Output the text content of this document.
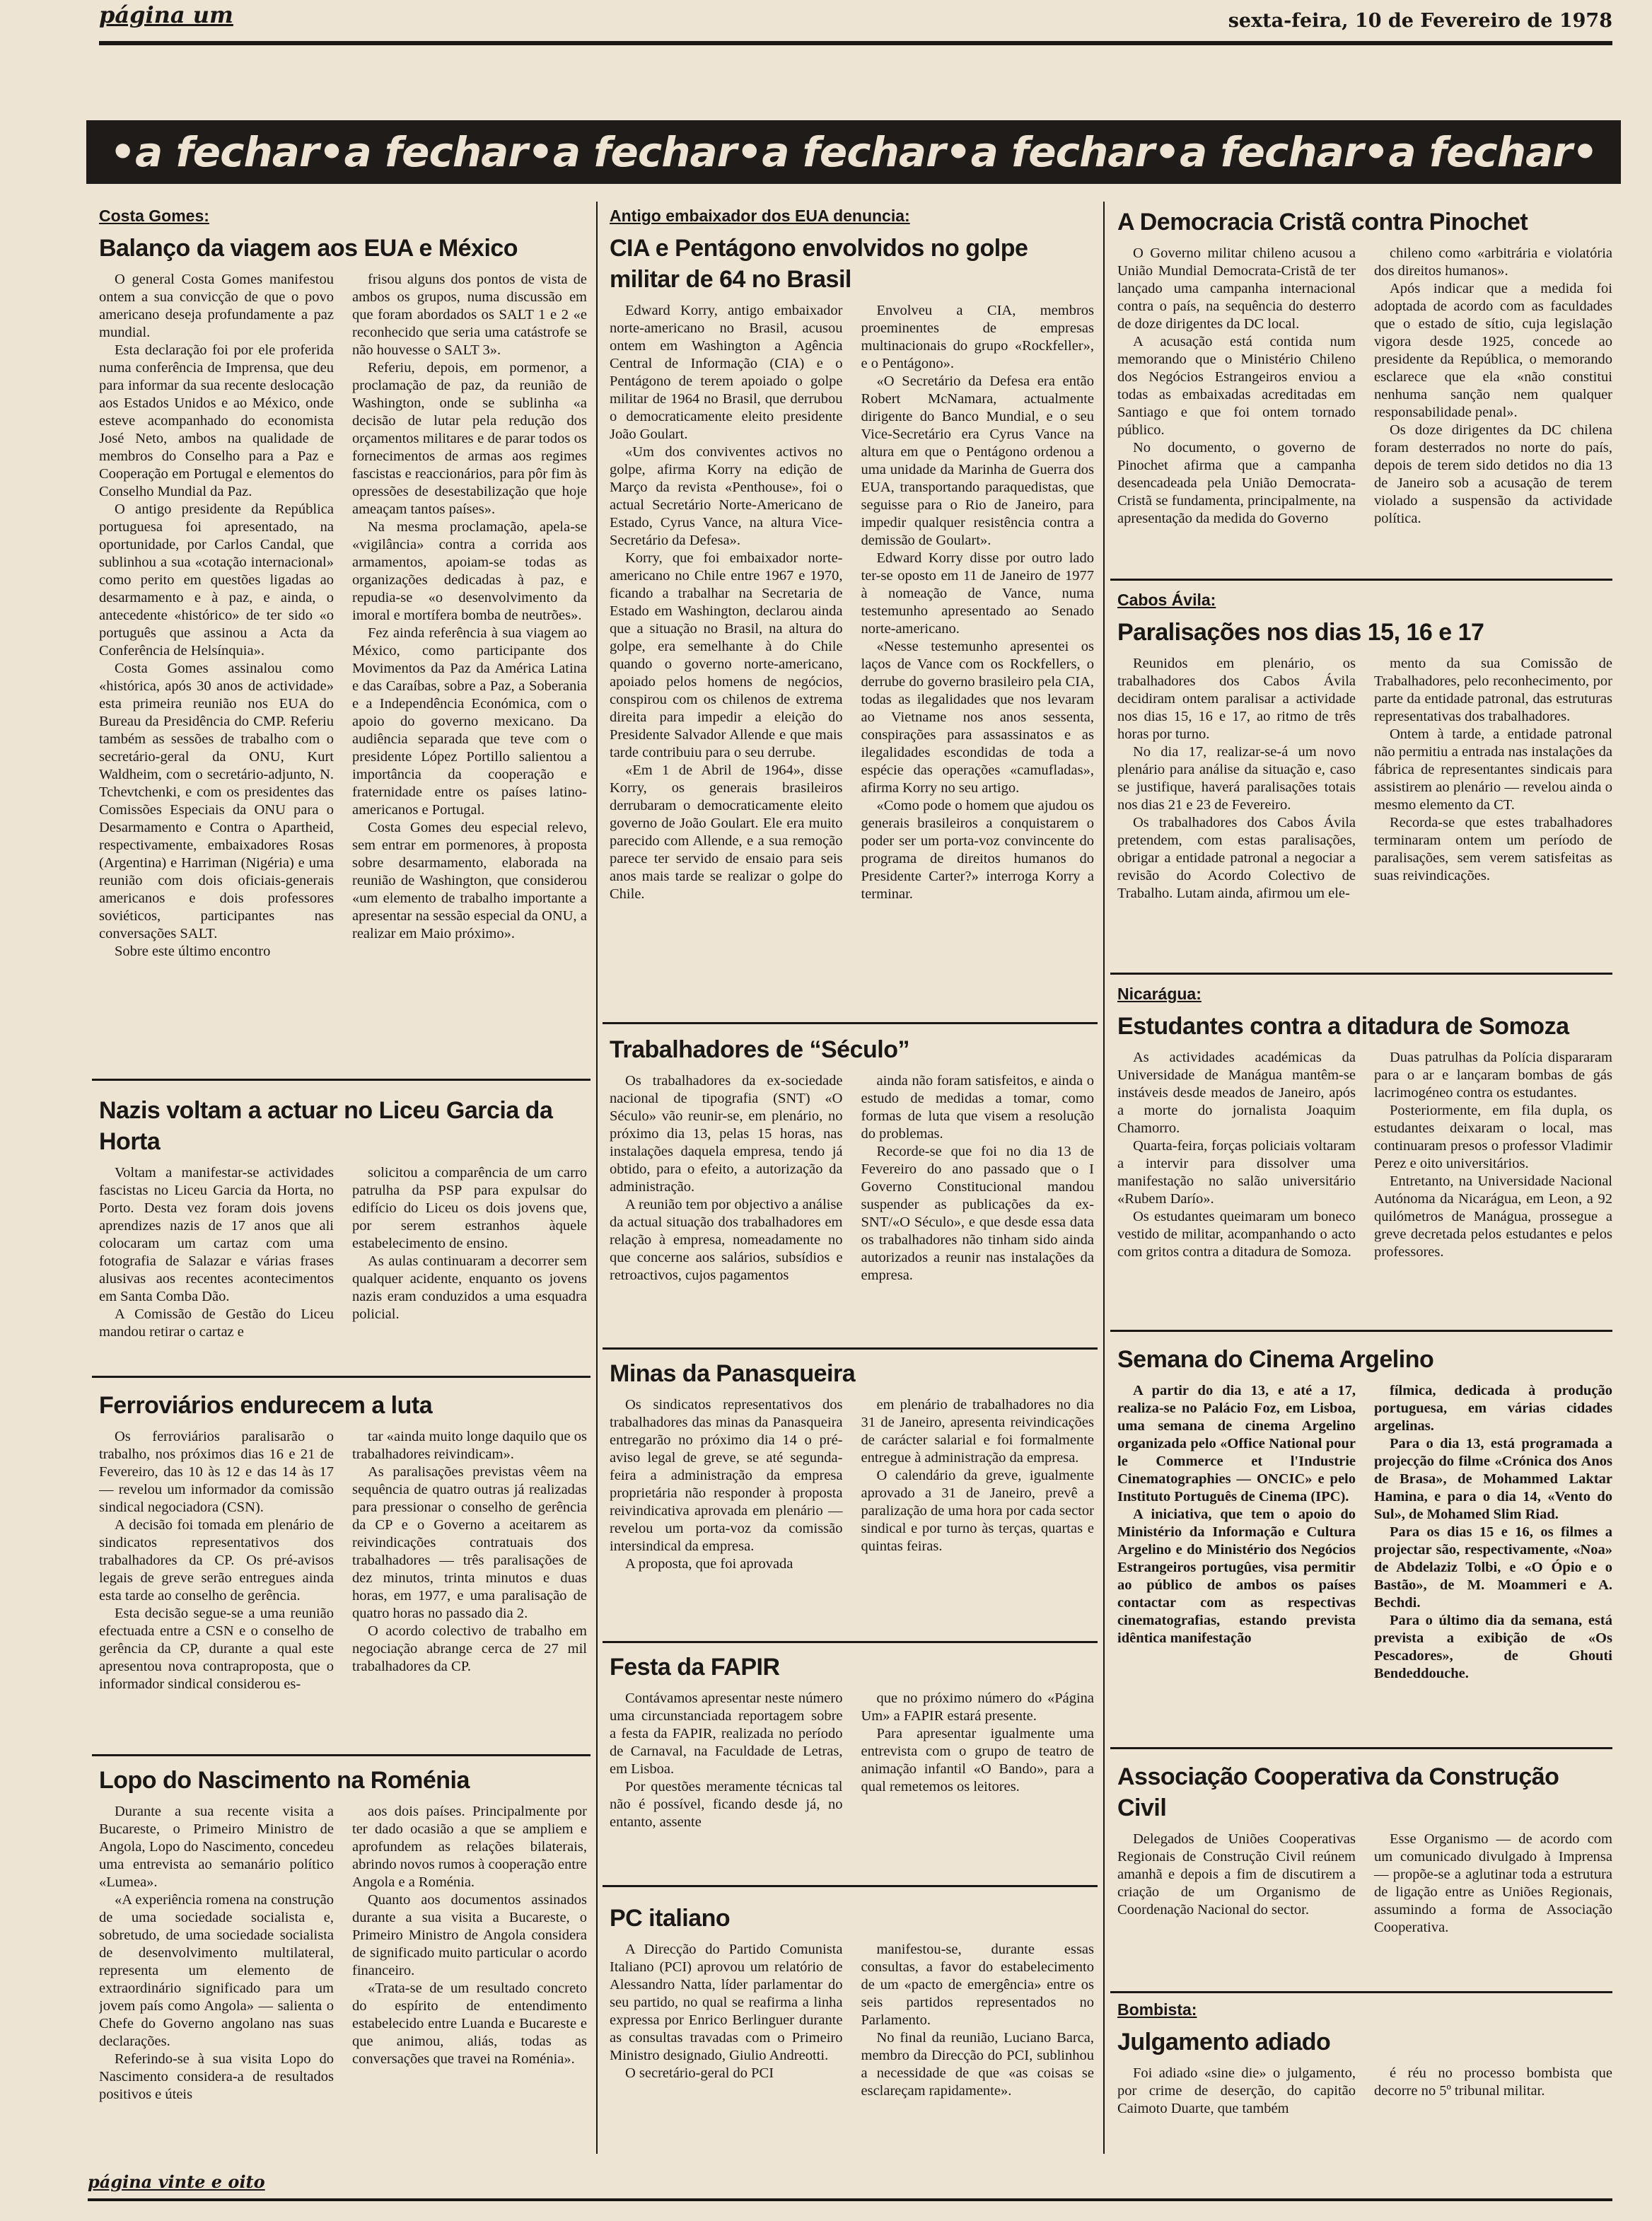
página um	sexta-feira, 10 de Fevereiro de 1978
•a fechar•a fechar•a fechar•a fechar•a fechar•a fechar•a fechar•
Costa Gomes:
Balanço da viagem aos EUA e México

O general Costa Gomes manifestou ontem a sua convicção de que o povo americano deseja profundamente a paz mundial.

Esta declaração foi por ele proferida numa conferência de Imprensa, que deu para informar da sua recente deslocação aos Estados Unidos e ao México, onde esteve acompanhado do economista José Neto, ambos na qualidade de membros do Conselho para a Paz e Cooperação em Portugal e elementos do Conselho Mundial da Paz.

O antigo presidente da República portuguesa foi apresentado, na oportunidade, por Carlos Candal, que sublinhou a sua «cotação internacional» como perito em questões ligadas ao desarmamento e à paz, e ainda, o antecedente «histórico» de ter sido «o português que assinou a Acta da Conferência de Helsínquia».

Costa Gomes assinalou como «histórica, após 30 anos de actividade» esta primeira reunião nos EUA do Bureau da Presidência do CMP. Referiu também as sessões de trabalho com o secretário-geral da ONU, Kurt Waldheim, com o secretário-adjunto, N. Tchevtchenki, e com os presidentes das Comissões Especiais da ONU para o Desarmamento e Contra o Apartheid, respectivamente, embaixadores Rosas (Argentina) e Harriman (Nigéria) e uma reunião com dois oficiais-generais americanos e dois professores soviéticos, participantes nas conversações SALT.

Sobre este último encontro

frisou alguns dos pontos de vista de ambos os grupos, numa discussão em que foram abordados os SALT 1 e 2 «e reconhecido que seria uma catástrofe se não houvesse o SALT 3».

Referiu, depois, em pormenor, a proclamação de paz, da reunião de Washington, onde se sublinha «a decisão de lutar pela redução dos orçamentos militares e de parar todos os fornecimentos de armas aos regimes fascistas e reaccionários, para pôr fim às opressões de desestabilização que hoje ameaçam tantos países».

Na mesma proclamação, apela-se «vigilância» contra a corrida aos armamentos, apoiam-se todas as organizações dedicadas à paz, e repudia-se «o desenvolvimento da imoral e mortífera bomba de neutrões».

Fez ainda referência à sua viagem ao México, como participante dos Movimentos da Paz da América Latina e das Caraíbas, sobre a Paz, a Soberania e a Independência Económica, com o apoio do governo mexicano. Da audiência separada que teve com o presidente López Portillo salientou a importância da cooperação e fraternidade entre os países latino-americanos e Portugal.

Costa Gomes deu especial relevo, sem entrar em pormenores, à proposta sobre desarmamento, elaborada na reunião de Washington, que considerou «um elemento de trabalho importante a apresentar na sessão especial da ONU, a realizar em Maio próximo».

Nazis voltam a actuar no Liceu Garcia da Horta

Voltam a manifestar-se actividades fascistas no Liceu Garcia da Horta, no Porto. Desta vez foram dois jovens aprendizes nazis de 17 anos que ali colocaram um cartaz com uma fotografia de Salazar e várias frases alusivas aos recentes acontecimentos em Santa Comba Dão.

A Comissão de Gestão do Liceu mandou retirar o cartaz e

solicitou a comparência de um carro patrulha da PSP para expulsar do edifício do Liceu os dois jovens que, por serem estranhos àquele estabelecimento de ensino.

As aulas continuaram a decorrer sem qualquer acidente, enquanto os jovens nazis eram conduzidos a uma esquadra policial.

Ferroviários endurecem a luta

Os ferroviários paralisarão o trabalho, nos próximos dias 16 e 21 de Fevereiro, das 10 às 12 e das 14 às 17 — revelou um informador da comissão sindical negociadora (CSN).

A decisão foi tomada em plenário de sindicatos representativos dos trabalhadores da CP. Os pré-avisos legais de greve serão entregues ainda esta tarde ao conselho de gerência.

Esta decisão segue-se a uma reunião efectuada entre a CSN e o conselho de gerência da CP, durante a qual este apresentou nova contraproposta, que o informador sindical considerou es-

tar «ainda muito longe daquilo que os trabalhadores reivindicam».

As paralisações previstas vêem na sequência de quatro outras já realizadas para pressionar o conselho de gerência da CP e o Governo a aceitarem as reivindicações contratuais dos trabalhadores — três paralisações de dez minutos, trinta minutos e duas horas, em 1977, e uma paralisação de quatro horas no passado dia 2.

O acordo colectivo de trabalho em negociação abrange cerca de 27 mil trabalhadores da CP.

Lopo do Nascimento na Roménia

Durante a sua recente visita a Bucareste, o Primeiro Ministro de Angola, Lopo do Nascimento, concedeu uma entrevista ao semanário político «Lumea».

«A experiência romena na construção de uma sociedade socialista e, sobretudo, de uma sociedade socialista de desenvolvimento multilateral, representa um elemento de extraordinário significado para um jovem país como Angola» — salienta o Chefe do Governo angolano nas suas declarações.

Referindo-se à sua visita Lopo do Nascimento considera-a de resultados positivos e úteis

aos dois países. Principalmente por ter dado ocasião a que se ampliem e aprofundem as relações bilaterais, abrindo novos rumos à cooperação entre Angola e a Roménia.

Quanto aos documentos assinados durante a sua visita a Bucareste, o Primeiro Ministro de Angola considera de significado muito particular o acordo financeiro.

«Trata-se de um resultado concreto do espírito de entendimento estabelecido entre Luanda e Bucareste e que animou, aliás, todas as conversações que travei na Roménia».

Antigo embaixador dos EUA denuncia:
CIA e Pentágono envolvidos no golpe militar de 64 no Brasil

Edward Korry, antigo embaixador norte-americano no Brasil, acusou ontem em Washington a Agência Central de Informação (CIA) e o Pentágono de terem apoiado o golpe militar de 1964 no Brasil, que derrubou o democraticamente eleito presidente João Goulart.

«Um dos conviventes activos no golpe, afirma Korry na edição de Março da revista «Penthouse», foi o actual Secretário Norte-Americano de Estado, Cyrus Vance, na altura Vice-Secretário da Defesa».

Korry, que foi embaixador norte-americano no Chile entre 1967 e 1970, ficando a trabalhar na Secretaria de Estado em Washington, declarou ainda que a situação no Brasil, na altura do golpe, era semelhante à do Chile quando o governo norte-americano, apoiado pelos homens de negócios, conspirou com os chilenos de extrema direita para impedir a eleição do Presidente Salvador Allende e que mais tarde contribuiu para o seu derrube.

«Em 1 de Abril de 1964», disse Korry, os generais brasileiros derrubaram o democraticamente eleito governo de João Goulart. Ele era muito parecido com Allende, e a sua remoção parece ter servido de ensaio para seis anos mais tarde se realizar o golpe do Chile.

Envolveu a CIA, membros proeminentes de empresas multinacionais do grupo «Rockfeller», e o Pentágono».

«O Secretário da Defesa era então Robert McNamara, actualmente dirigente do Banco Mundial, e o seu Vice-Secretário era Cyrus Vance na altura em que o Pentágono ordenou a uma unidade da Marinha de Guerra dos EUA, transportando paraquedistas, que seguisse para o Rio de Janeiro, para impedir qualquer resistência contra a demissão de Goulart».

Edward Korry disse por outro lado ter-se oposto em 11 de Janeiro de 1977 à nomeação de Vance, numa testemunho apresentado ao Senado norte-americano.

«Nesse testemunho apresentei os laços de Vance com os Rockfellers, o derrube do governo brasileiro pela CIA, todas as ilegalidades que nos levaram ao Vietname nos anos sessenta, conspirações para assassinatos e as ilegalidades escondidas de toda a espécie das operações «camufladas», afirma Korry no seu artigo.

«Como pode o homem que ajudou os generais brasileiros a conquistarem o poder ser um porta-voz convincente do programa de direitos humanos do Presidente Carter?» interroga Korry a terminar.

Trabalhadores de “Século”

Os trabalhadores da ex-sociedade nacional de tipografia (SNT) «O Século» vão reunir-se, em plenário, no próximo dia 13, pelas 15 horas, nas instalações daquela empresa, tendo já obtido, para o efeito, a autorização da administração.

A reunião tem por objectivo a análise da actual situação dos trabalhadores em relação à empresa, nomeadamente no que concerne aos salários, subsídios e retroactivos, cujos pagamentos

ainda não foram satisfeitos, e ainda o estudo de medidas a tomar, como formas de luta que visem a resolução do problemas.

Recorde-se que foi no dia 13 de Fevereiro do ano passado que o I Governo Constitucional mandou suspender as publicações da ex-SNT/«O Século», e que desde essa data os trabalhadores não tinham sido ainda autorizados a reunir nas instalações da empresa.

Minas da Panasqueira

Os sindicatos representativos dos trabalhadores das minas da Panasqueira entregarão no próximo dia 14 o pré-aviso legal de greve, se até segunda-feira a administração da empresa proprietária não responder à proposta reivindicativa aprovada em plenário — revelou um porta-voz da comissão intersindical da empresa.

A proposta, que foi aprovada

em plenário de trabalhadores no dia 31 de Janeiro, apresenta reivindicações de carácter salarial e foi formalmente entregue à administração da empresa.

O calendário da greve, igualmente aprovado a 31 de Janeiro, prevê a paralização de uma hora por cada sector sindical e por turno às terças, quartas e quintas feiras.

Festa da FAPIR

Contávamos apresentar neste número uma circunstanciada reportagem sobre a festa da FAPIR, realizada no período de Carnaval, na Faculdade de Letras, em Lisboa.

Por questões meramente técnicas tal não é possível, ficando desde já, no entanto, assente

que no próximo número do «Página Um» a FAPIR estará presente.

Para apresentar igualmente uma entrevista com o grupo de teatro de animação infantil «O Bando», para a qual remetemos os leitores.

PC italiano

A Direcção do Partido Comunista Italiano (PCI) aprovou um relatório de Alessandro Natta, líder parlamentar do seu partido, no qual se reafirma a linha expressa por Enrico Berlinguer durante as consultas travadas com o Primeiro Ministro designado, Giulio Andreotti.

O secretário-geral do PCI

manifestou-se, durante essas consultas, a favor do estabelecimento de um «pacto de emergência» entre os seis partidos representados no Parlamento.

No final da reunião, Luciano Barca, membro da Direcção do PCI, sublinhou a necessidade de que «as coisas se esclareçam rapidamente».

A Democracia Cristã contra Pinochet

O Governo militar chileno acusou a União Mundial Democrata-Cristã de ter lançado uma campanha internacional contra o país, na sequência do desterro de doze dirigentes da DC local.

A acusação está contida num memorando que o Ministério Chileno dos Negócios Estrangeiros enviou a todas as embaixadas acreditadas em Santiago e que foi ontem tornado público.

No documento, o governo de Pinochet afirma que a campanha desencadeada pela União Democrata-Cristã se fundamenta, principalmente, na apresentação da medida do Governo

chileno como «arbitrária e violatória dos direitos humanos».

Após indicar que a medida foi adoptada de acordo com as faculdades que o estado de sítio, cuja legislação vigora desde 1925, concede ao presidente da República, o memorando esclarece que ela «não constitui nenhuma sanção nem qualquer responsabilidade penal».

Os doze dirigentes da DC chilena foram desterrados no norte do país, depois de terem sido detidos no dia 13 de Janeiro sob a acusação de terem violado a suspensão da actividade política.

Cabos Ávila:
Paralisações nos dias 15, 16 e 17

Reunidos em plenário, os trabalhadores dos Cabos Ávila decidiram ontem paralisar a actividade nos dias 15, 16 e 17, ao ritmo de três horas por turno.

No dia 17, realizar-se-á um novo plenário para análise da situação e, caso se justifique, haverá paralisações totais nos dias 21 e 23 de Fevereiro.

Os trabalhadores dos Cabos Ávila pretendem, com estas paralisações, obrigar a entidade patronal a negociar a revisão do Acordo Colectivo de Trabalho. Lutam ainda, afirmou um ele-

mento da sua Comissão de Trabalhadores, pelo reconhecimento, por parte da entidade patronal, das estruturas representativas dos trabalhadores.

Ontem à tarde, a entidade patronal não permitiu a entrada nas instalações da fábrica de representantes sindicais para assistirem ao plenário — revelou ainda o mesmo elemento da CT.

Recorda-se que estes trabalhadores terminaram ontem um período de paralisações, sem verem satisfeitas as suas reivindicações.

Nicarágua:
Estudantes contra a ditadura de Somoza

As actividades académicas da Universidade de Manágua mantêm-se instáveis desde meados de Janeiro, após a morte do jornalista Joaquim Chamorro.

Quarta-feira, forças policiais voltaram a intervir para dissolver uma manifestação no salão universitário «Rubem Darío».

Os estudantes queimaram um boneco vestido de militar, acompanhando o acto com gritos contra a ditadura de Somoza.

Duas patrulhas da Polícia dispararam para o ar e lançaram bombas de gás lacrimogéneo contra os estudantes.

Posteriormente, em fila dupla, os estudantes deixaram o local, mas continuaram presos o professor Vladimir Perez e oito universitários.

Entretanto, na Universidade Nacional Autónoma da Nicarágua, em Leon, a 92 quilómetros de Manágua, prossegue a greve decretada pelos estudantes e pelos professores.

Semana do Cinema Argelino

A partir do dia 13, e até a 17, realiza-se no Palácio Foz, em Lisboa, uma semana de cinema Argelino organizada pelo «Office National pour le Commerce et l'Industrie Cinematographies — ONCIC» e pelo Instituto Português de Cinema (IPC).

A iniciativa, que tem o apoio do Ministério da Informação e Cultura Argelino e do Ministério dos Negócios Estrangeiros portugûes, visa permitir ao público de ambos os países contactar com as respectivas cinematografias, estando prevista idêntica manifestação

fílmica, dedicada à produção portuguesa, em várias cidades argelinas.

Para o dia 13, está programada a projecção do filme «Crónica dos Anos de Brasa», de Mohammed Laktar Hamina, e para o dia 14, «Vento do Sul», de Mohamed Slim Riad.

Para os dias 15 e 16, os filmes a projectar são, respectivamente, «Noa» de Abdelaziz Tolbi, e «O Ópio e o Bastão», de M. Moammeri e A. Bechdi.

Para o último dia da semana, está prevista a exibição de «Os Pescadores», de Ghouti Bendeddouche.

Associação Cooperativa da Construção Civil

Delegados de Uniões Cooperativas Regionais de Construção Civil reúnem amanhã e depois a fim de discutirem a criação de um Organismo de Coordenação Nacional do sector.

Esse Organismo — de acordo com um comunicado divulgado à Imprensa — propõe-se a aglutinar toda a estrutura de ligação entre as Uniões Regionais, assumindo a forma de Associação Cooperativa.

Bombista:
Julgamento adiado

Foi adiado «sine die» o julgamento, por crime de deserção, do capitão Caimoto Duarte, que também

é réu no processo bombista que decorre no 5º tribunal militar.

página vinte e oito
